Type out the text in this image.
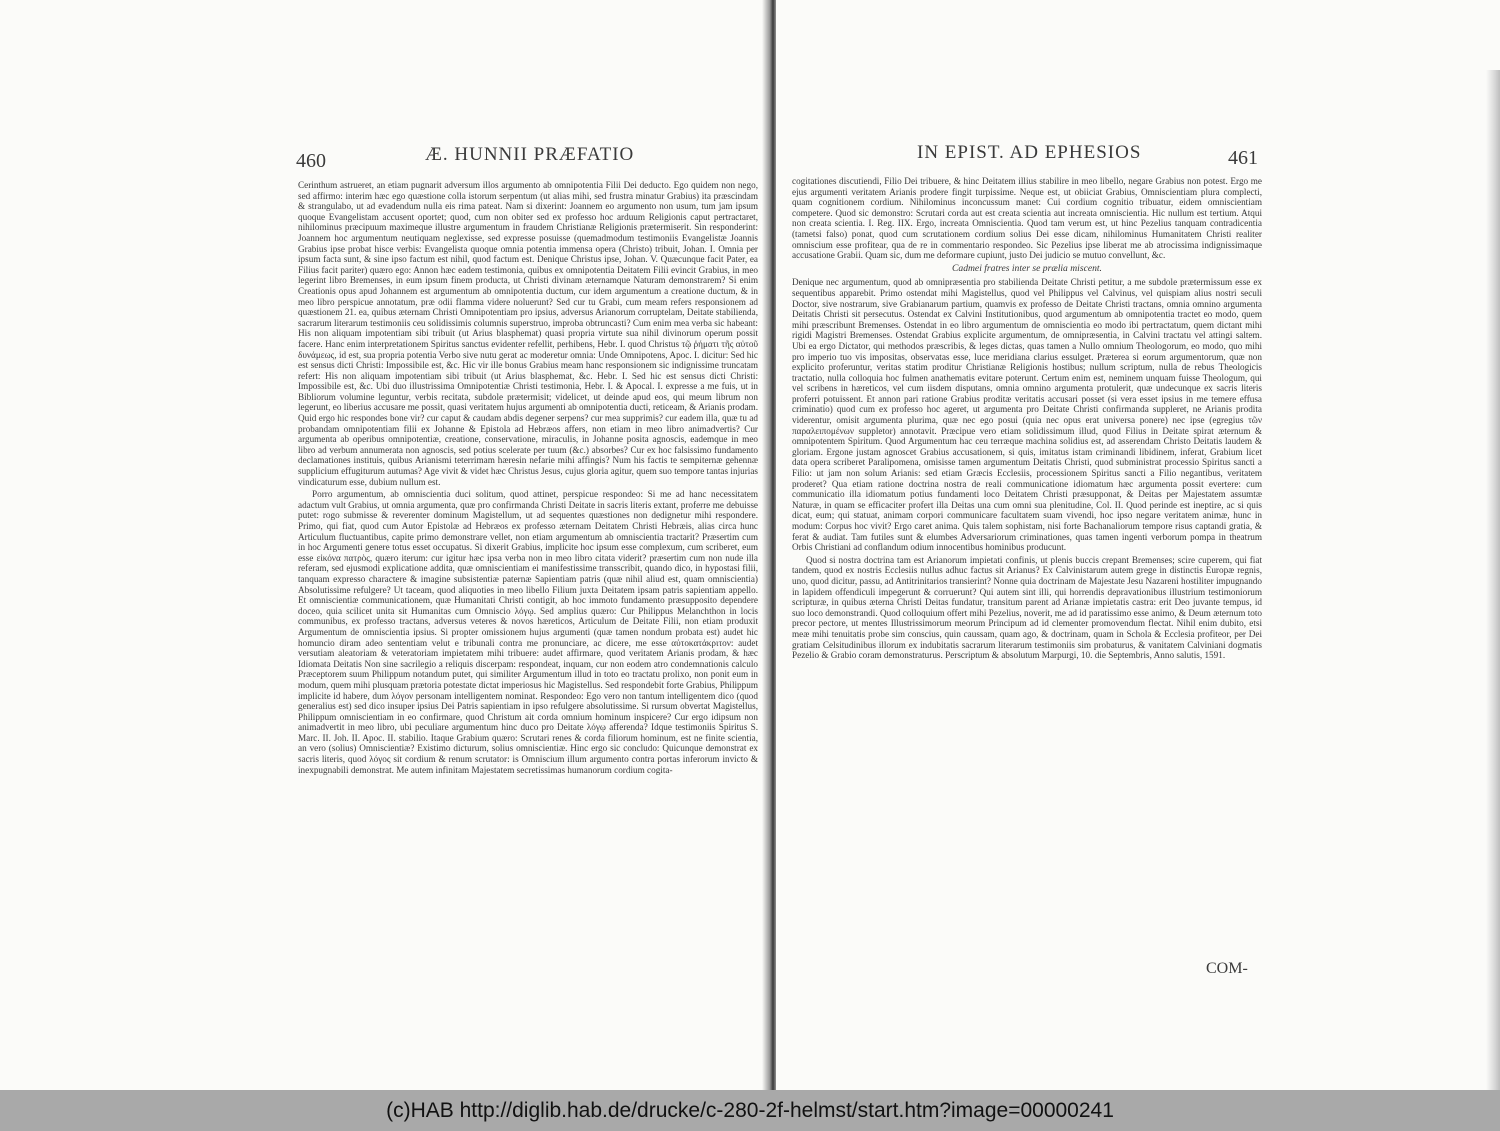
460	Æ. HUNNII PRÆFATIO

Cerinthum astrueret, an etiam pugnarit adversum illos argumento ab omnipotentia Filii Dei deducto. Ego quidem non nego, sed affirmo: interim hæc ego quæstione colla istorum serpentum (ut alias mihi, sed frustra minatur Grabius) ita præscindam & strangulabo, ut ad evadendum nulla eis rima pateat. Nam si dixerint: Joannem eo argumento non usum, tum jam ipsum quoque Evangelistam accusent oportet; quod, cum non obiter sed ex professo hoc arduum Religionis caput pertractaret, nihilominus præcipuum maximeque illustre argumentum in fraudem Christianæ Religionis prætermiserit. Sin responderint: Joannem hoc argumentum neutiquam neglexisse, sed expresse posuisse (quemadmodum testimoniis Evangelistæ Joannis Grabius ipse probat hisce verbis: Evangelista quoque omnia potentia immensa opera (Christo) tribuit, Johan. I. Omnia per ipsum facta sunt, & sine ipso factum est nihil, quod factum est. Denique Christus ipse, Johan. V. Quæcunque facit Pater, ea Filius facit pariter) quæro ego: Annon hæc eadem testimonia, quibus ex omnipotentia Deitatem Filii evincit Grabius, in meo legerint libro Bremenses, in eum ipsum finem producta, ut Christi divinam æternamque Naturam demonstrarem? Si enim Creationis opus apud Johannem est argumentum ab omnipotentia ductum, cur idem argumentum a creatione ductum, & in meo libro perspicue annotatum, præ odii flamma videre noluerunt? Sed cur tu Grabi, cum meam refers responsionem ad quæstionem 21. ea, quibus æternam Christi Omnipotentiam pro ipsius, adversus Arianorum corruptelam, Deitate stabilienda, sacrarum literarum testimoniis ceu solidissimis columnis superstruo, improba obtruncasti? Cum enim mea verba sic habeant: His non aliquam impotentiam sibi tribuit (ut Arius blasphemat) quasi propria virtute sua nihil divinorum operum possit facere. Hanc enim interpretationem Spiritus sanctus evidenter refellit, perhibens, Hebr. I. quod Christus τῷ ῥήματι τῆς αὐτοῦ δυνάμεως, id est, sua propria potentia Verbo sive nutu gerat ac moderetur omnia: Unde Omnipotens, Apoc. I. dicitur: Sed hic est sensus dicti Christi: Impossibile est, &c. Hic vir ille bonus Grabius meam hanc responsionem sic indignissime truncatam refert: His non aliquam impotentiam sibi tribuit (ut Arius blasphemat, &c. Hebr. I. Sed hic est sensus dicti Christi: Impossibile est, &c. Ubi duo illustrissima Omnipotentiæ Christi testimonia, Hebr. I. & Apocal. I. expresse a me fuis, ut in Bibliorum volumine leguntur, verbis recitata, subdole prætermisit; videlicet, ut deinde apud eos, qui meum librum non legerunt, eo liberius accusare me possit, quasi veritatem hujus argumenti ab omnipotentia ducti, reticeam, & Arianis prodam. Quid ergo hic respondes bone vir? cur caput & caudam abdis degener serpens? cur mea supprimis? cur eadem illa, quæ tu ad probandam omnipotentiam filii ex Johanne & Epistola ad Hebræos affers, non etiam in meo libro animadvertis? Cur argumenta ab operibus omnipotentiæ, creatione, conservatione, miraculis, in Johanne posita agnoscis, eademque in meo libro ad verbum annumerata non agnoscis, sed potius scelerate per tuum (&c.) absorbes? Cur ex hoc falsissimo fundamento declamationes instituis, quibus Arianismi teterrimam hæresin nefarie mihi affingis? Num his factis te sempiternæ gehennæ supplicium effugiturum autumas? Age vivit & videt hæc Christus Jesus, cujus gloria agitur, quem suo tempore tantas injurias vindicaturum esse, dubium nullum est.

Porro argumentum, ab omniscientia duci solitum, quod attinet, perspicue respondeo: Si me ad hanc necessitatem adactum vult Grabius, ut omnia argumenta, quæ pro confirmanda Christi Deitate in sacris literis extant, proferre me debuisse putet: rogo submisse & reverenter dominum Magistellum, ut ad sequentes quæstiones non dedignetur mihi respondere. Primo, qui fiat, quod cum Autor Epistolæ ad Hebræos ex professo æternam Deitatem Christi Hebræis, alias circa hunc Articulum fluctuantibus, capite primo demonstrare vellet, non etiam argumentum ab omniscientia tractarit? Præsertim cum in hoc Argumenti genere totus esset occupatus. Si dixerit Grabius, implicite hoc ipsum esse complexum, cum scriberet, eum esse εἰκόνα πατρὸς, quæro iterum: cur igitur hæc ipsa verba non in meo libro citata viderit? præsertim cum non nude illa referam, sed ejusmodi explicatione addita, quæ omniscientiam ei manifestissime transscribit, quando dico, in hypostasi filii, tanquam expresso charactere & imagine subsistentiæ paternæ Sapientiam patris (quæ nihil aliud est, quam omniscientia) Absolutissime refulgere? Ut taceam, quod aliquoties in meo libello Filium juxta Deitatem ipsam patris sapientiam appello. Et omniscientiæ communicationem, quæ Humanitati Christi contigit, ab hoc immoto fundamento præsupposito dependere doceo, quia scilicet unita sit Humanitas cum Omniscio λόγῳ. Sed amplius quæro: Cur Philippus Melanchthon in locis communibus, ex professo tractans, adversus veteres & novos hæreticos, Articulum de Deitate Filii, non etiam produxit Argumentum de omniscientia ipsius. Si propter omissionem hujus argumenti (quæ tamen nondum probata est) audet hic homuncio diram adeo sententiam velut e tribunali contra me pronunciare, ac dicere, me esse αὐτοκατάκριτον: audet versutiam aleatoriam & veteratoriam impietatem mihi tribuere: audet affirmare, quod veritatem Arianis prodam, & hæc Idiomata Deitatis Non sine sacrilegio a reliquis discerpam: respondeat, inquam, cur non eodem atro condemnationis calculo Præceptorem suum Philippum notandum putet, qui similiter Argumentum illud in toto eo tractatu prolixo, non ponit eum in modum, quem mihi plusquam prætoria potestate dictat imperiosus hic Magistellus. Sed respondebit forte Grabius, Philippum implicite id habere, dum λόγον personam intelligentem nominat. Respondeo: Ego vero non tantum intelligentem dico (quod generalius est) sed dico insuper ipsius Dei Patris sapientiam in ipso refulgere absolutissime. Si rursum obvertat Magistellus, Philippum omniscientiam in eo confirmare, quod Christum ait corda omnium hominum inspicere? Cur ergo idipsum non animadvertit in meo libro, ubi peculiare argumentum hinc duco pro Deitate λόγῳ afferenda? Idque testimoniis Spiritus S. Marc. II. Joh. II. Apoc. II. stabilio. Itaque Grabium quæro: Scrutari renes & corda filiorum hominum, est ne finite scientia, an vero (solius) Omniscientiæ? Existimo dicturum, solius omniscientiæ. Hinc ergo sic concludo: Quicunque demonstrat ex sacris literis, quod λόγος sit cordium & renum scrutator: is Omniscium illum argumento contra portas inferorum invicto & inexpugnabili demonstrat. Me autem infinitam Majestatem secretissimas humanorum cordium cogita-

IN EPIST. AD EPHESIOS	461

cogitationes discutiendi, Filio Dei tribuere, & hinc Deitatem illius stabilire in meo libello, negare Grabius non potest. Ergo me ejus argumenti veritatem Arianis prodere fingit turpissime. Neque est, ut obiiciat Grabius, Omniscientiam plura complecti, quam cognitionem cordium. Nihilominus inconcussum manet: Cui cordium cognitio tribuatur, eidem omniscientiam competere. Quod sic demonstro: Scrutari corda aut est creata scientia aut increata omniscientia. Hic nullum est tertium. Atqui non creata scientia. I. Reg. IIX. Ergo, increata Omniscientia. Quod tam verum est, ut hinc Pezelius tanquam contradicentia (tametsi falso) ponat, quod cum scrutationem cordium solius Dei esse dicam, nihilominus Humanitatem Christi realiter omniscium esse profitear, qua de re in commentario respondeo. Sic Pezelius ipse liberat me ab atrocissima indignissimaque accusatione Grabii. Quam sic, dum me deformare cupiunt, justo Dei judicio se mutuo convellunt, &c.

Cadmei fratres inter se prælia miscent.

Denique nec argumentum, quod ab omnipræsentia pro stabilienda Deitate Christi petitur, a me subdole prætermissum esse ex sequentibus apparebit. Primo ostendat mihi Magistellus, quod vel Philippus vel Calvinus, vel quispiam alius nostri seculi Doctor, sive nostrarum, sive Grabianarum partium, quamvis ex professo de Deitate Christi tractans, omnia omnino argumenta Deitatis Christi sit persecutus. Ostendat ex Calvini Institutionibus, quod argumentum ab omnipotentia tractet eo modo, quem mihi præscribunt Bremenses. Ostendat in eo libro argumentum de omniscientia eo modo ibi pertractatum, quem dictant mihi rigidi Magistri Bremenses. Ostendat Grabius explicite argumentum, de omnipræsentia, in Calvini tractatu vel attingi saltem. Ubi ea ergo Dictator, qui methodos præscribis, & leges dictas, quas tamen a Nullo omnium Theologorum, eo modo, quo mihi pro imperio tuo vis impositas, observatas esse, luce meridiana clarius essulget. Præterea si eorum argumentorum, quæ non explicito proferuntur, veritas statim proditur Christianæ Religionis hostibus; nullum scriptum, nulla de rebus Theologicis tractatio, nulla colloquia hoc fulmen anathematis evitare poterunt. Certum enim est, neminem unquam fuisse Theologum, qui vel scribens in hæreticos, vel cum iisdem disputans, omnia omnino argumenta protulerit, quæ undecunque ex sacris literis proferri potuissent. Et annon pari ratione Grabius proditæ veritatis accusari posset (si vera esset ipsius in me temere effusa criminatio) quod cum ex professo hoc ageret, ut argumenta pro Deitate Christi confirmanda suppleret, ne Arianis prodita viderentur, omisit argumenta plurima, quæ nec ego posui (quia nec opus erat universa ponere) nec ipse (egregius τῶν παραλειπομένων suppletor) annotavit. Præcipue vero etiam solidissimum illud, quod Filius in Deitate spirat æternum & omnipotentem Spiritum. Quod Argumentum hac ceu terræque machina solidius est, ad asserendam Christo Deitatis laudem & gloriam. Ergone justam agnoscet Grabius accusationem, si quis, imitatus istam criminandi libidinem, inferat, Grabium licet data opera scriberet Paralipomena, omisisse tamen argumentum Deitatis Christi, quod subministrat processio Spiritus sancti a Filio: ut jam non solum Arianis: sed etiam Græcis Ecclesiis, processionem Spiritus sancti a Filio negantibus, veritatem proderet? Qua etiam ratione doctrina nostra de reali communicatione idiomatum hæc argumenta possit evertere: cum communicatio illa idiomatum potius fundamenti loco Deitatem Christi præsupponat, & Deitas per Majestatem assumtæ Naturæ, in quam se efficaciter profert illa Deitas una cum omni sua plenitudine, Col. II. Quod perinde est ineptire, ac si quis dicat, eum; qui statuat, animam corpori communicare facultatem suam vivendi, hoc ipso negare veritatem animæ, hunc in modum: Corpus hoc vivit? Ergo caret anima. Quis talem sophistam, nisi forte Bachanaliorum tempore risus captandi gratia, & ferat & audiat. Tam futiles sunt & elumbes Adversariorum criminationes, quas tamen ingenti verborum pompa in theatrum Orbis Christiani ad conflandum odium innocentibus hominibus producunt.

Quod si nostra doctrina tam est Arianorum impietati confinis, ut plenis buccis crepant Bremenses; scire cuperem, qui fiat tandem, quod ex nostris Ecclesiis nullus adhuc factus sit Arianus? Ex Calvinistarum autem grege in distinctis Europæ regnis, uno, quod dicitur, passu, ad Antitrinitarios transierint? Nonne quia doctrinam de Majestate Jesu Nazareni hostiliter impugnando in lapidem offendiculi impegerunt & corruerunt? Qui autem sint illi, qui horrendis depravationibus illustrium testimoniorum scripturæ, in quibus æterna Christi Deitas fundatur, transitum parent ad Arianæ impietatis castra: erit Deo juvante tempus, id suo loco demonstrandi. Quod colloquium offert mihi Pezelius, noverit, me ad id paratissimo esse animo, & Deum æternum toto precor pectore, ut mentes Illustrissimorum meorum Principum ad id clementer promovendum flectat. Nihil enim dubito, etsi meæ mihi tenuitatis probe sim conscius, quin caussam, quam ago, & doctrinam, quam in Schola & Ecclesia profiteor, per Dei gratiam Celsitudinibus illorum ex indubitatis sacrarum literarum testimoniis sim probaturus, & vanitatem Calviniani dogmatis Pezelio & Grabio coram demonstraturus. Perscriptum & absolutum Marpurgi, 10. die Septembris, Anno salutis, 1591.

COM-
(c)HAB http://diglib.hab.de/drucke/c-280-2f-helmst/start.htm?image=00000241
